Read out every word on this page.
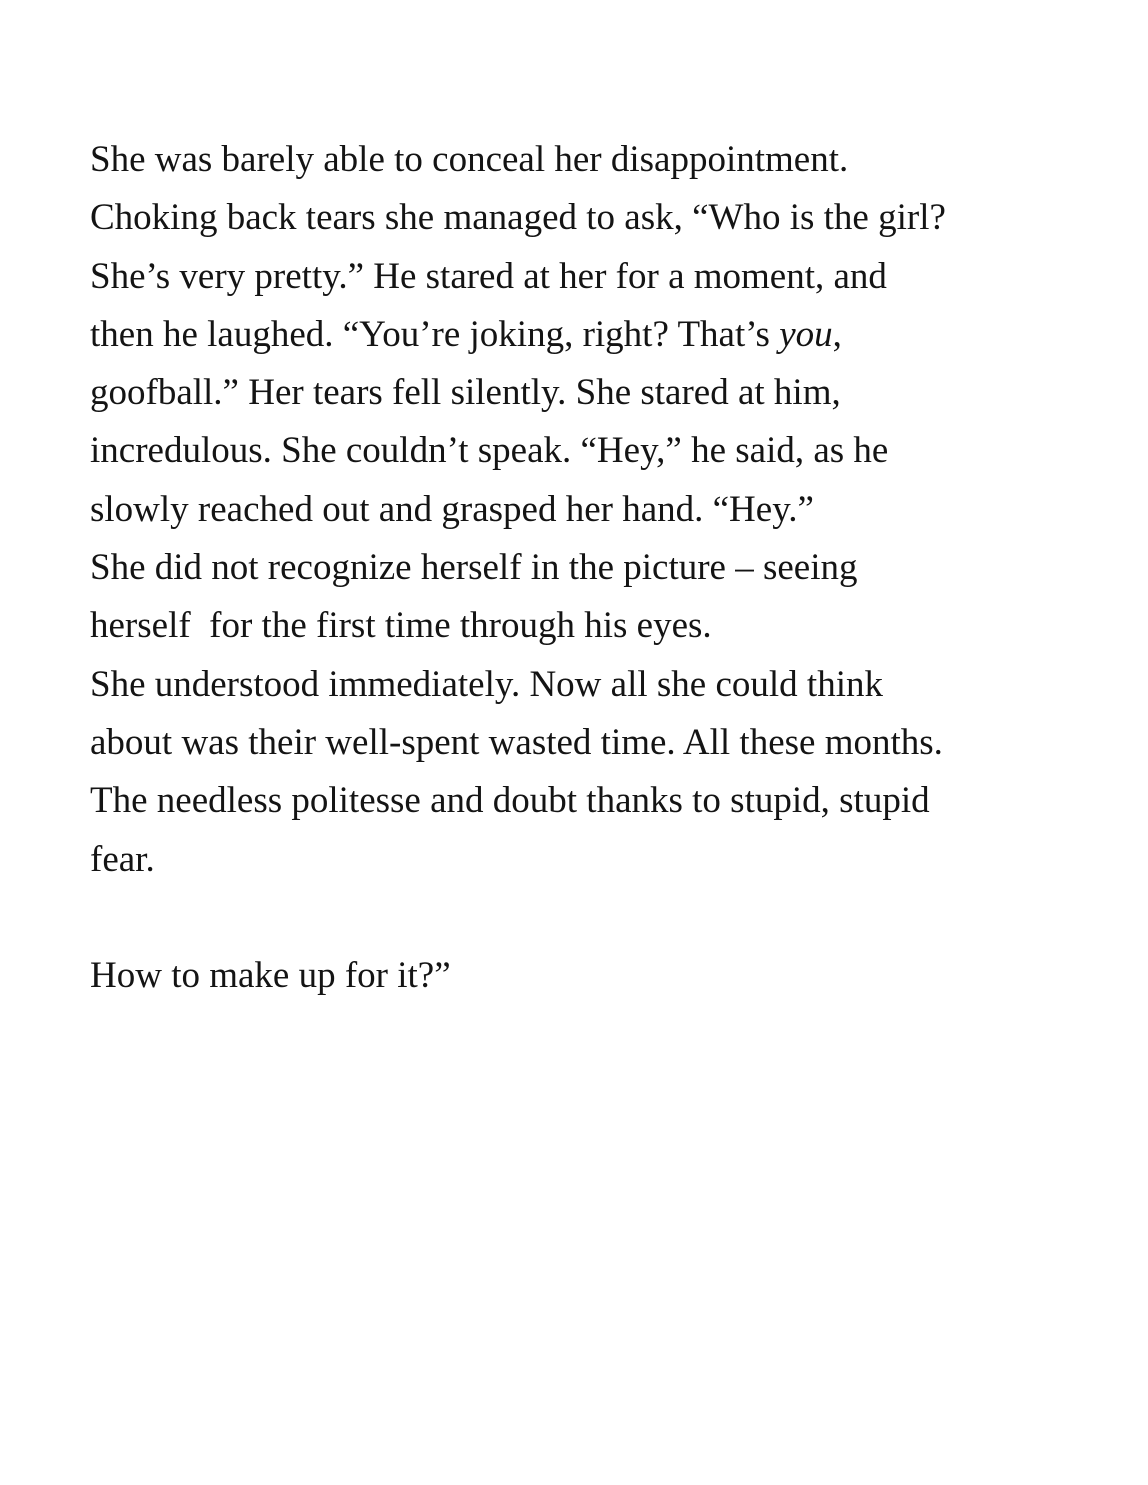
She was barely able to conceal her disappointment.
Choking back tears she managed to ask, “Who is the girl?
She’s very pretty.” He stared at her for a moment, and
then he laughed. “You’re joking, right? That’s you,
goofball.” Her tears fell silently. She stared at him,
incredulous. She couldn’t speak. “Hey,” he said, as he
slowly reached out and grasped her hand. “Hey.”
She did not recognize herself in the picture – seeing
herself  for the first time through his eyes.
She understood immediately. Now all she could think
about was their well-spent wasted time. All these months.
The needless politesse and doubt thanks to stupid, stupid
fear.
How to make up for it?”
